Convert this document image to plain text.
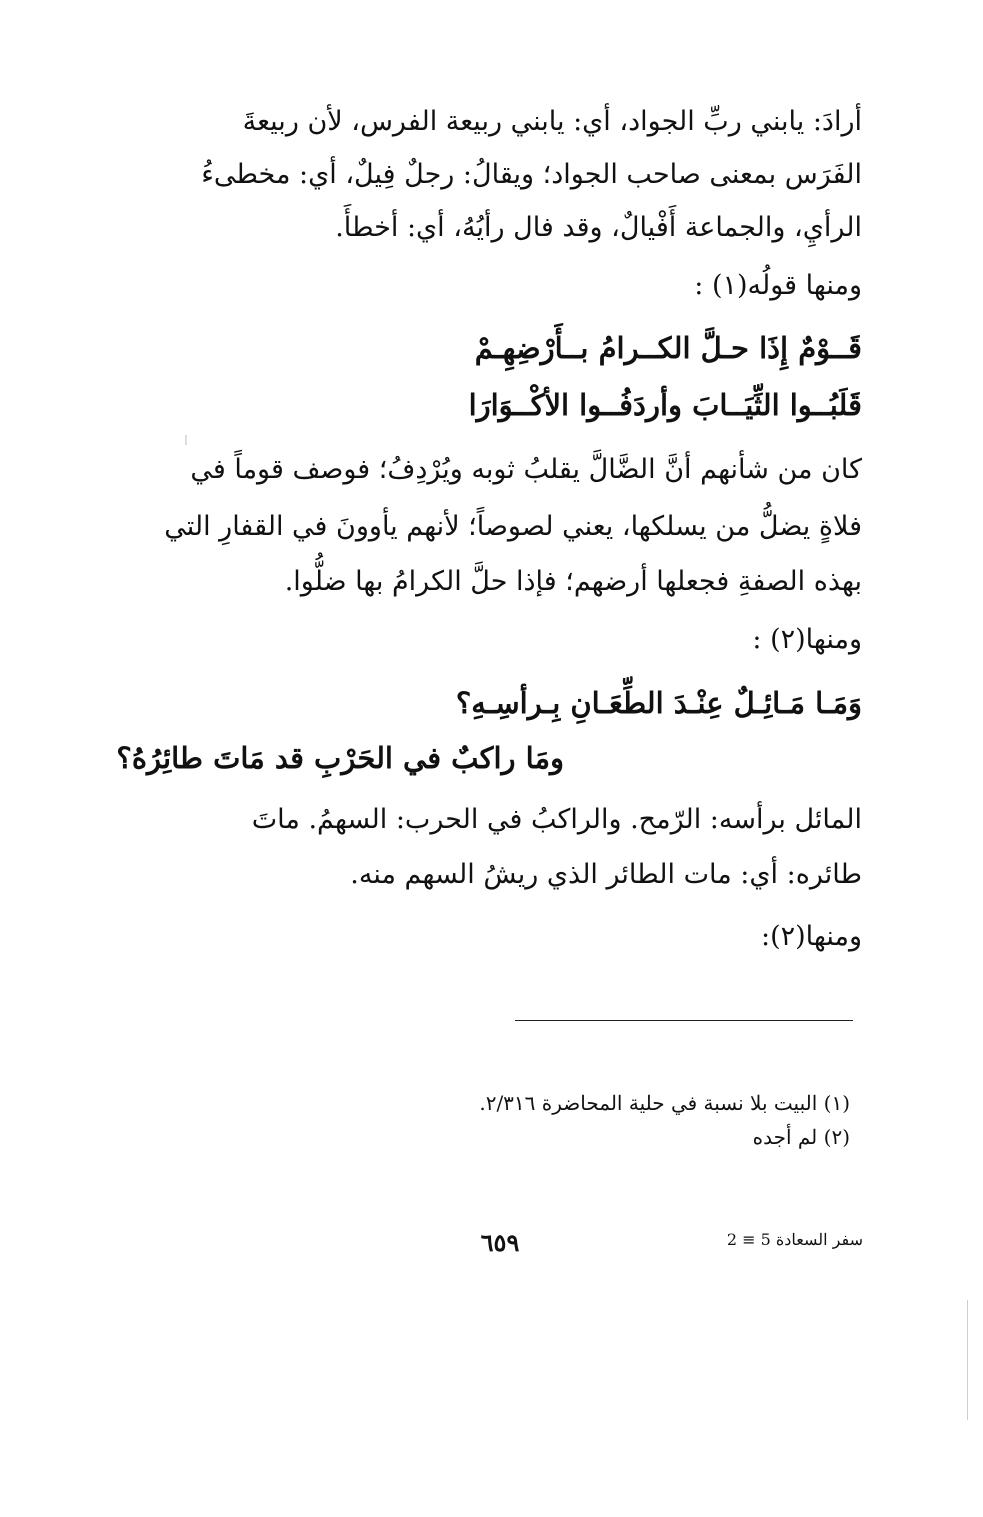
أرادَ: يابني ربِّ الجواد، أي: يابني ربيعة الفرس، لأن ربيعةَ
الفَرَس بمعنى صاحب الجواد؛ ويقالُ: رجلٌ فِيلٌ، أي: مخطىءُ
الرأيِ، والجماعة أَفْيالٌ، وقد فال رأيُهُ، أي: أخطأَ.
ومنها قولُه(١) :
قَــوْمٌ إِذَا حـلَّ الكــرامُ بــأَرْضِهِـمْ
قَلَبُــوا الثِّيَــابَ وأردَفُــوا الأكْــوَارَا
كان من شأنهم أنَّ الضَّالَّ يقلبُ ثوبه ويُرْدِفُ؛ فوصف قوماً في
فلاةٍ يضلُّ من يسلكها، يعني لصوصاً؛ لأنهم يأوونَ في القفارِ التي
بهذه الصفةِ فجعلها أرضهم؛ فإذا حلَّ الكرامُ بها ضلُّوا.
ومنها(٢) :
وَمَـا مَـائِـلٌ عِنْـدَ الطِّعَـانِ بِـرأسِـهِ؟
ومَا راكبٌ في الحَرْبِ قد مَاتَ طائِرُهُ؟
المائل برأسه: الرّمح. والراكبُ في الحرب: السهمُ. ماتَ
طائره: أي: مات الطائر الذي ريشُ السهم منه.
ومنها(٢):
(١) البيت بلا نسبة في حلية المحاضرة ٢/٣١٦.
(٢) لم أجده
٦٥٩	سفر السعادة 5 ≡ 2
